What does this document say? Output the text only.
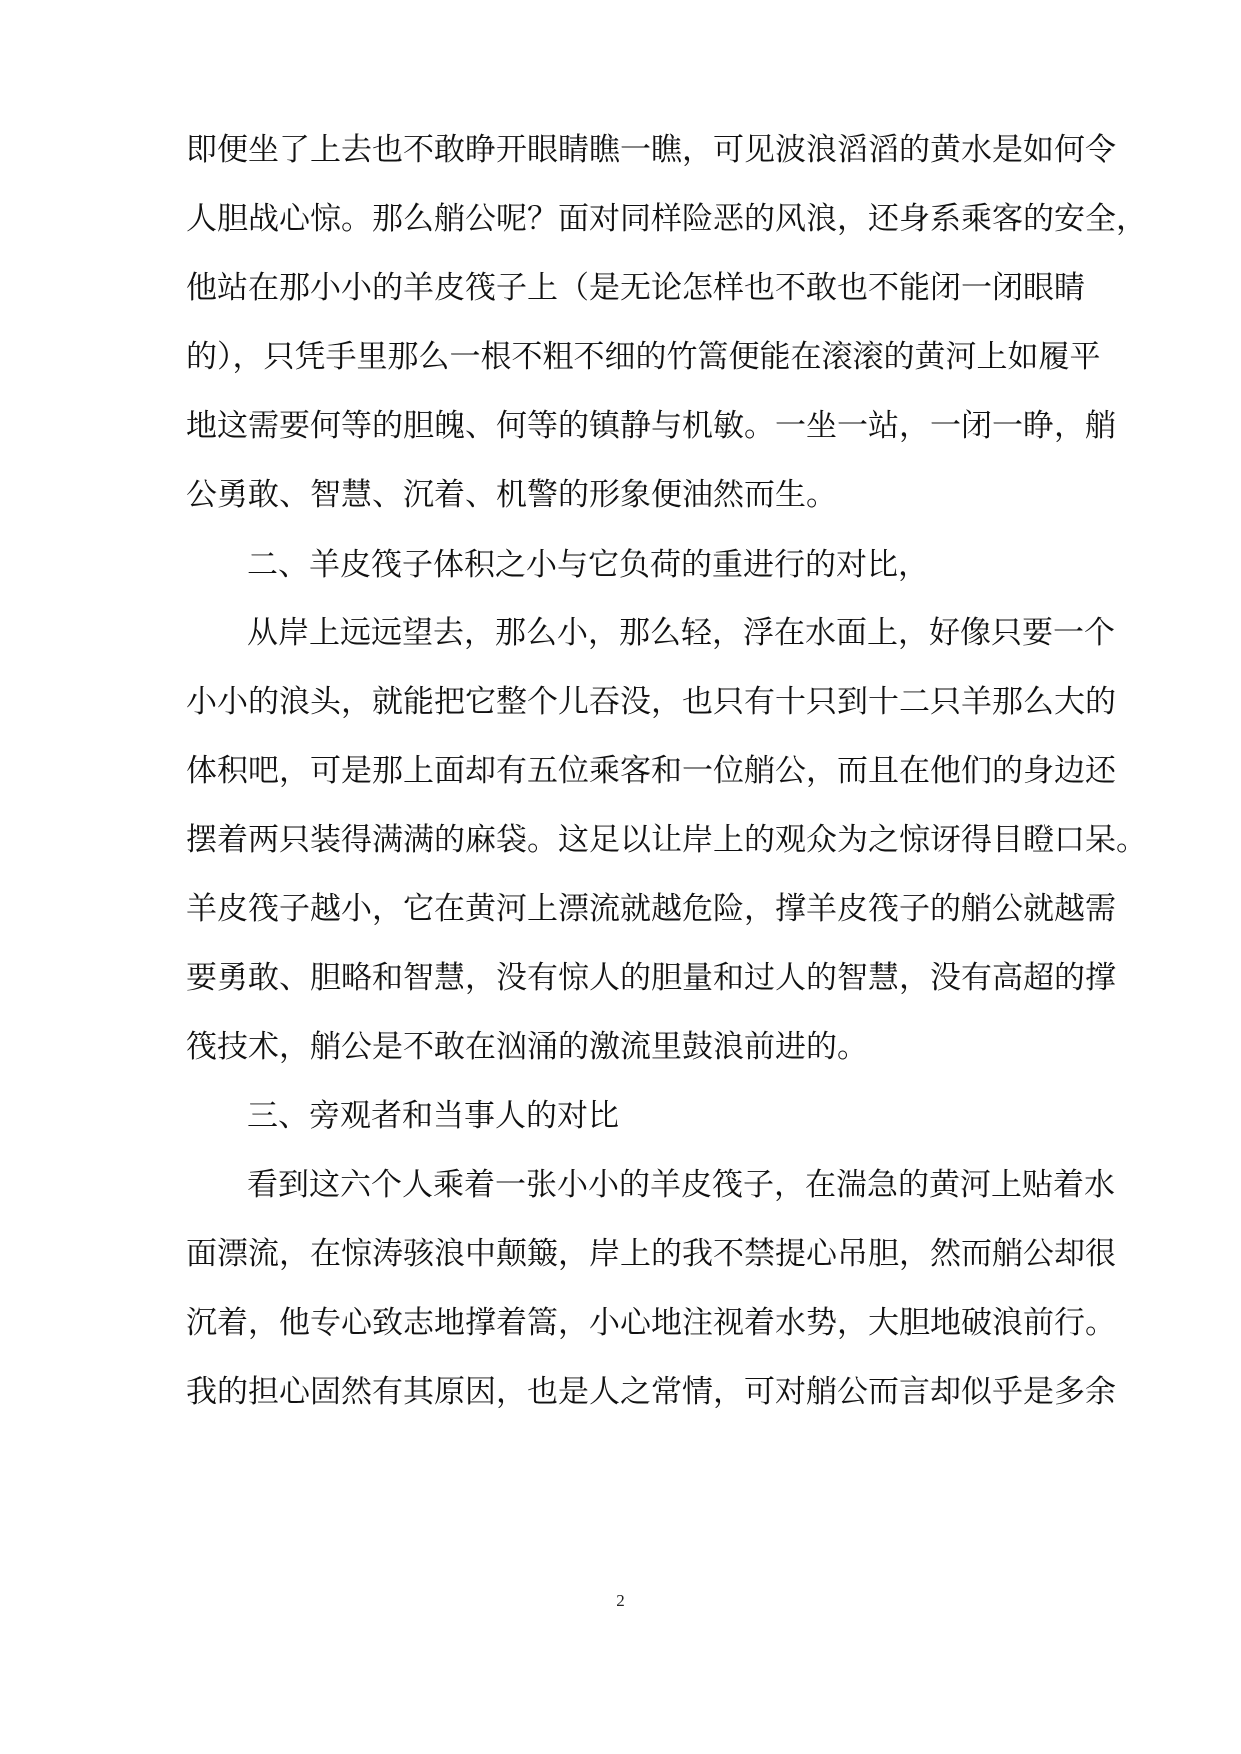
即便坐了上去也不敢睁开眼睛瞧一瞧，可见波浪滔滔的黄水是如何令
人胆战心惊。那么艄公呢？面对同样险恶的风浪，还身系乘客的安全，
他站在那小小的羊皮筏子上（是无论怎样也不敢也不能闭一闭眼睛
的），只凭手里那么一根不粗不细的竹篙便能在滚滚的黄河上如履平
地这需要何等的胆魄、何等的镇静与机敏。一坐一站，一闭一睁，艄
公勇敢、智慧、沉着、机警的形象便油然而生。
二、羊皮筏子体积之小与它负荷的重进行的对比，
从岸上远远望去，那么小，那么轻，浮在水面上，好像只要一个
小小的浪头，就能把它整个儿吞没，也只有十只到十二只羊那么大的
体积吧，可是那上面却有五位乘客和一位艄公，而且在他们的身边还
摆着两只装得满满的麻袋。这足以让岸上的观众为之惊讶得目瞪口呆。
羊皮筏子越小，它在黄河上漂流就越危险，撑羊皮筏子的艄公就越需
要勇敢、胆略和智慧，没有惊人的胆量和过人的智慧，没有高超的撑
筏技术，艄公是不敢在汹涌的激流里鼓浪前进的。
三、旁观者和当事人的对比
看到这六个人乘着一张小小的羊皮筏子，在湍急的黄河上贴着水
面漂流，在惊涛骇浪中颠簸，岸上的我不禁提心吊胆，然而艄公却很
沉着，他专心致志地撑着篙，小心地注视着水势，大胆地破浪前行。
我的担心固然有其原因，也是人之常情，可对艄公而言却似乎是多余
2
